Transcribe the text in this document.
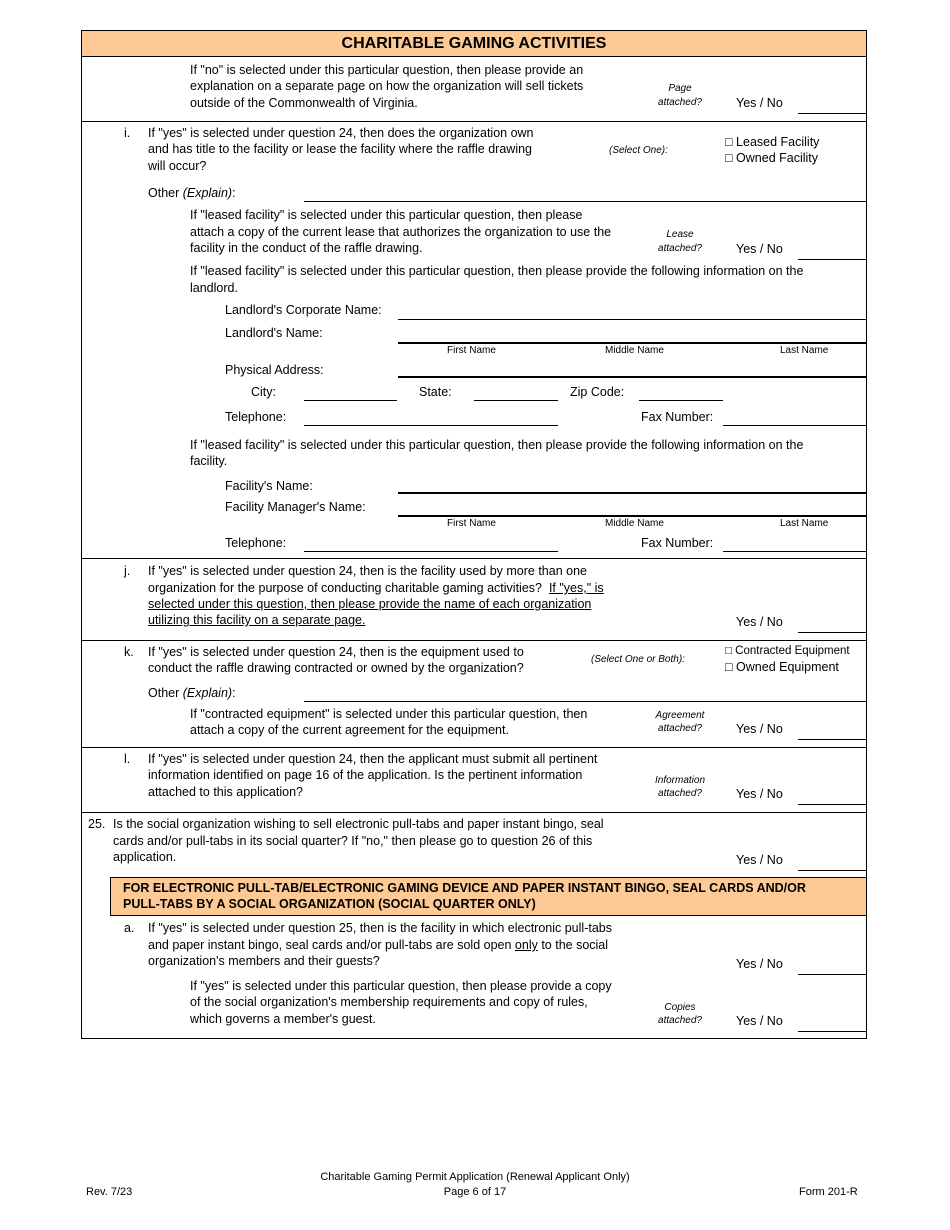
CHARITABLE GAMING ACTIVITIES
If "no" is selected under this particular question, then please provide an
explanation on a separate page on how the organization will sell tickets
outside of the Commonwealth of Virginia.
Page
attached?	Yes / No
i. If "yes" is selected under question 24, then does the organization own
and has title to the facility or lease the facility where the raffle drawing
will occur?
(Select One):
□ Leased Facility
□ Owned Facility
Other (Explain):
If "leased facility" is selected under this particular question, then please
attach a copy of the current lease that authorizes the organization to use the
facility in the conduct of the raffle drawing.
Lease
attached?	Yes / No
If "leased facility" is selected under this particular question, then please provide the following information on the
landlord.
Landlord's Corporate Name:
Landlord's Name:
First Name	Middle Name	Last Name
Physical Address:
City:	State:	Zip Code:
Telephone:	Fax Number:
If "leased facility" is selected under this particular question, then please provide the following information on the
facility.
Facility's Name:
Facility Manager's Name:
First Name	Middle Name	Last Name
Telephone:	Fax Number:
j. If "yes" is selected under question 24, then is the facility used by more than one
organization for the purpose of conducting charitable gaming activities? If "yes," is
selected under this question, then please provide the name of each organization
utilizing this facility on a separate page.	Yes / No
k. If "yes" is selected under question 24, then is the equipment used to
conduct the raffle drawing contracted or owned by the organization?
(Select One or Both):
□ Contracted Equipment
□ Owned Equipment
Other (Explain):
If "contracted equipment" is selected under this particular question, then
attach a copy of the current agreement for the equipment.
Agreement
attached?	Yes / No
l. If "yes" is selected under question 24, then the applicant must submit all pertinent
information identified on page 16 of the application. Is the pertinent information
attached to this application?
Information
attached?	Yes / No
25. Is the social organization wishing to sell electronic pull-tabs and paper instant bingo, seal
cards and/or pull-tabs in its social quarter? If "no," then please go to question 26 of this
application.	Yes / No
FOR ELECTRONIC PULL-TAB/ELECTRONIC GAMING DEVICE AND PAPER INSTANT BINGO, SEAL CARDS AND/OR
PULL-TABS BY A SOCIAL ORGANIZATION (SOCIAL QUARTER ONLY)
a. If "yes" is selected under question 25, then is the facility in which electronic pull-tabs
and paper instant bingo, seal cards and/or pull-tabs are sold open only to the social
organization's members and their guests?	Yes / No
If "yes" is selected under this particular question, then please provide a copy
of the social organization's membership requirements and copy of rules,
which governs a member's guest.
Copies
attached?	Yes / No
Rev. 7/23
Charitable Gaming Permit Application (Renewal Applicant Only)
Page 6 of 17	Form 201-R
